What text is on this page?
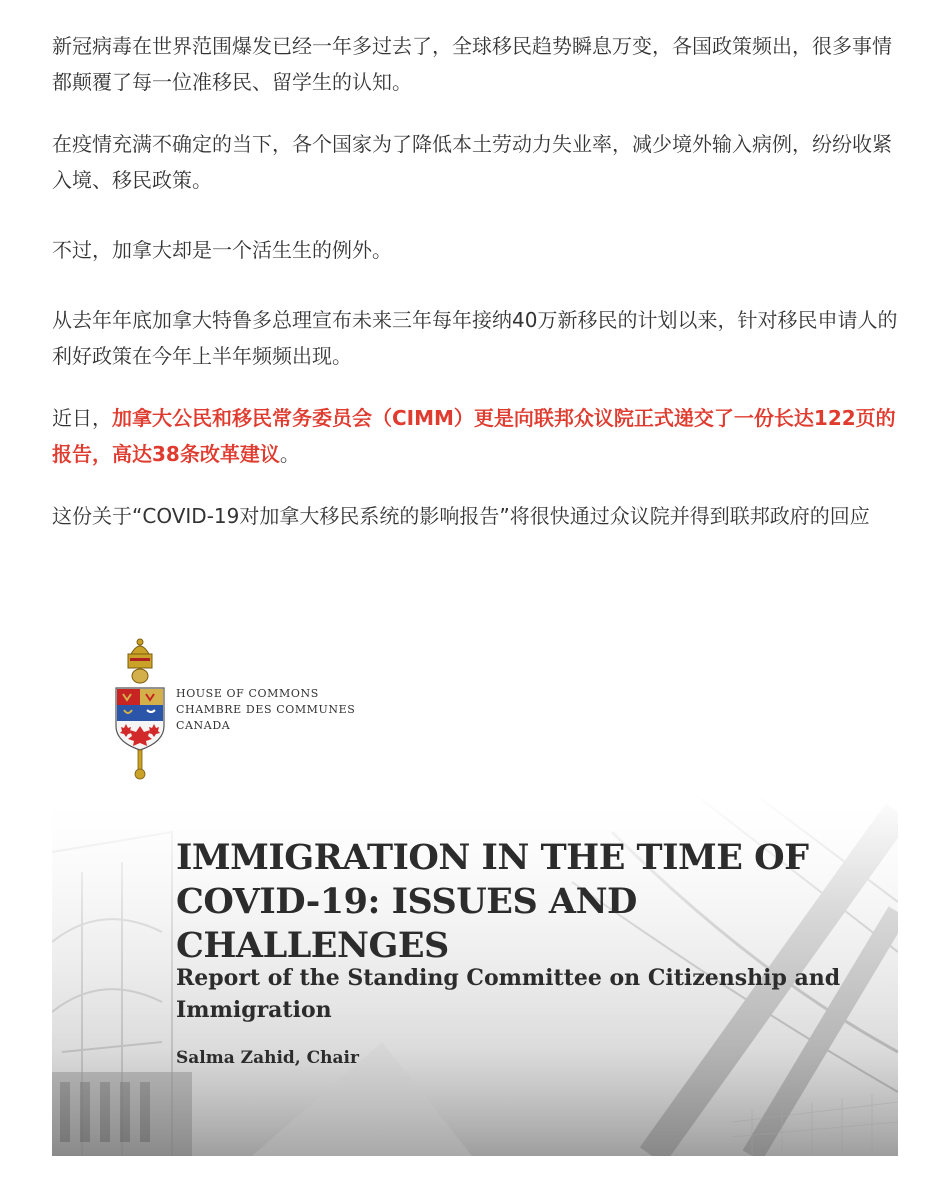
新冠病毒在世界范围爆发已经一年多过去了，全球移民趋势瞬息万变，各国政策频出，很多事情都颠覆了每一位准移民、留学生的认知。

在疫情充满不确定的当下，各个国家为了降低本土劳动力失业率，减少境外输入病例，纷纷收紧入境、移民政策。

不过，加拿大却是一个活生生的例外。

从去年年底加拿大特鲁多总理宣布未来三年每年接纳40万新移民的计划以来，针对移民申请人的利好政策在今年上半年频频出现。

近日，加拿大公民和移民常务委员会（CIMM）更是向联邦众议院正式递交了一份长达122页的报告，高达38条改革建议。

这份关于“COVID-19对加拿大移民系统的影响报告”将很快通过众议院并得到联邦政府的回应

HOUSE OF COMMONS
CHAMBRE DES COMMUNES
CANADA
IMMIGRATION IN THE TIME OF
COVID-19: ISSUES AND CHALLENGES
Report of the Standing Committee on Citizenship and Immigration
Salma Zahid, Chair
